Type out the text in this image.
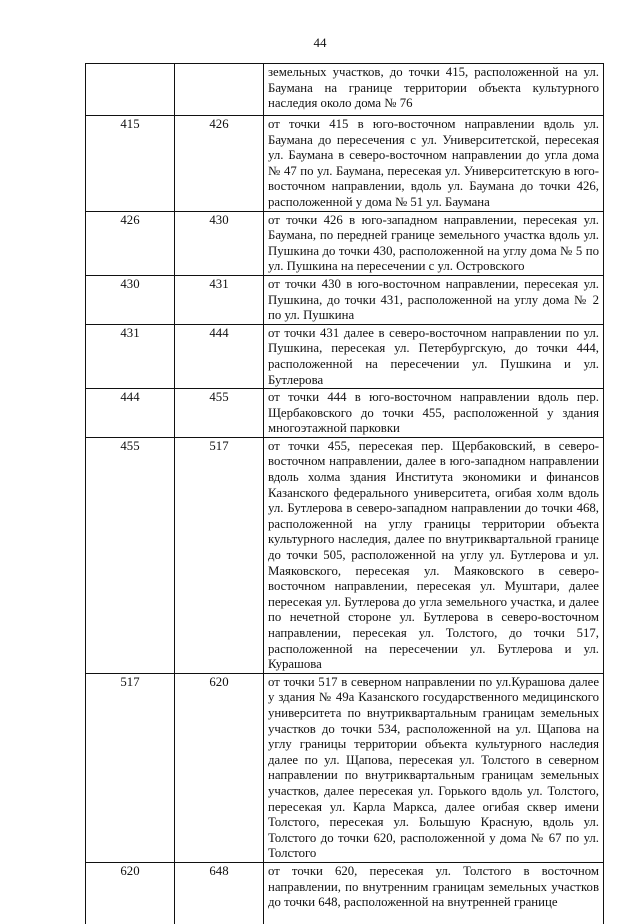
44
		земельных участков, до точки 415, расположенной на ул. Баумана на границе территории объекта культурного наследия около дома № 76
415	426	от точки 415 в юго-восточном направлении вдоль ул. Баумана до пересечения с ул. Университетской, пересекая ул. Баумана в северо-восточном направлении до угла дома № 47 по ул. Баумана, пересекая ул. Университетскую в юго-восточном направлении, вдоль ул. Баумана до точки 426, расположенной у дома № 51 ул. Баумана
426	430	от точки 426 в юго-западном направлении, пересекая ул. Баумана, по передней границе земельного участка вдоль ул. Пушкина до точки 430, расположенной на углу дома № 5 по ул. Пушкина на пересечении с ул. Островского
430	431	от точки 430 в юго-восточном направлении, пересекая ул. Пушкина, до точки 431, расположенной на углу дома № 2 по ул. Пушкина
431	444	от точки 431 далее в северо-восточном направлении по ул. Пушкина, пересекая ул. Петербургскую, до точки 444, расположенной на пересечении ул. Пушкина и ул. Бутлерова
444	455	от точки 444 в юго-восточном направлении вдоль пер. Щербаковского до точки 455, расположенной у здания многоэтажной парковки
455	517	от точки 455, пересекая пер. Щербаковский, в северо-восточном направлении, далее в юго-западном направлении вдоль холма здания Института экономики и финансов Казанского федерального университета, огибая холм вдоль ул. Бутлерова в северо-западном направлении до точки 468, расположенной на углу границы территории объекта культурного наследия, далее по внутриквартальной границе до точки 505, расположенной на углу ул. Бутлерова и ул. Маяковского, пересекая ул. Маяковского в северо-восточном направлении, пересекая ул. Муштари, далее пересекая ул. Бутлерова до угла земельного участка, и далее по нечетной стороне ул. Бутлерова в северо-восточном направлении, пересекая ул. Толстого, до точки 517, расположенной на пересечении ул. Бутлерова и ул. Курашова
517	620	от точки 517 в северном направлении по ул.Курашова далее у здания № 49а Казанского государственного медицинского университета по внутриквартальным границам земельных участков до точки 534, расположенной на ул. Щапова на углу границы территории объекта культурного наследия далее по ул. Щапова, пересекая ул. Толстого в северном направлении по внутриквартальным границам земельных участков, далее пересекая ул. Горького вдоль ул. Толстого, пересекая ул. Карла Маркса, далее огибая сквер имени Толстого, пересекая ул. Большую Красную, вдоль ул. Толстого до точки 620, расположенной у дома № 67 по ул. Толстого
620	648	от точки 620, пересекая ул. Толстого в восточном направлении, по внутренним границам земельных участков до точки 648, расположенной на внутренней границе
